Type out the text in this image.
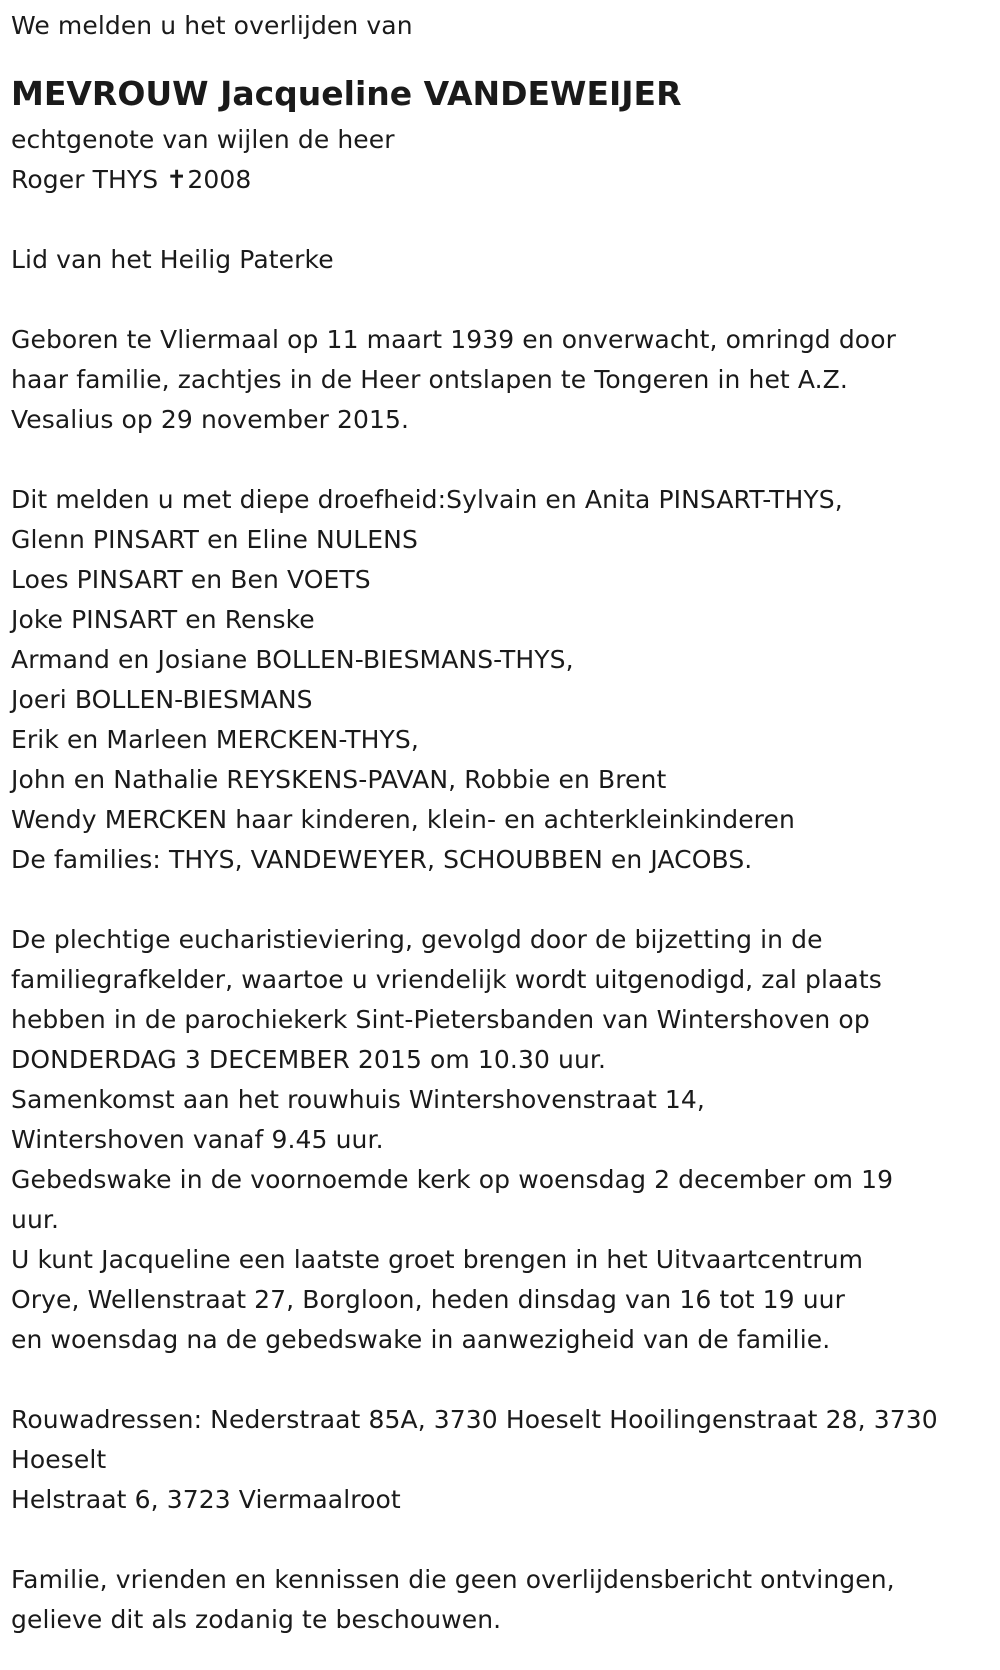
We melden u het overlijden van
MEVROUW Jacqueline VANDEWEIJER
echtgenote van wijlen de heer
Roger THYS ✝2008
Lid van het Heilig Paterke
Geboren te Vliermaal op 11 maart 1939 en onverwacht, omringd door
haar familie, zachtjes in de Heer ontslapen te Tongeren in het A.Z.
Vesalius op 29 november 2015.
Dit melden u met diepe droefheid:Sylvain en Anita PINSART-THYS,
Glenn PINSART en Eline NULENS
Loes PINSART en Ben VOETS
Joke PINSART en Renske
Armand en Josiane BOLLEN-BIESMANS-THYS,
Joeri BOLLEN-BIESMANS
Erik en Marleen MERCKEN-THYS,
John en Nathalie REYSKENS-PAVAN, Robbie en Brent
Wendy MERCKEN haar kinderen, klein- en achterkleinkinderen
De families: THYS, VANDEWEYER, SCHOUBBEN en JACOBS.
De plechtige eucharistieviering, gevolgd door de bijzetting in de
familiegrafkelder, waartoe u vriendelijk wordt uitgenodigd, zal plaats
hebben in de parochiekerk Sint-Pietersbanden van Wintershoven op
DONDERDAG 3 DECEMBER 2015 om 10.30 uur.
Samenkomst aan het rouwhuis Wintershovenstraat 14,
Wintershoven vanaf 9.45 uur.
Gebedswake in de voornoemde kerk op woensdag 2 december om 19
uur.
U kunt Jacqueline een laatste groet brengen in het Uitvaartcentrum
Orye, Wellenstraat 27, Borgloon, heden dinsdag van 16 tot 19 uur
en woensdag na de gebedswake in aanwezigheid van de familie.
Rouwadressen: Nederstraat 85A, 3730 Hoeselt Hooilingenstraat 28, 3730
Hoeselt
Helstraat 6, 3723 Viermaalroot
Familie, vrienden en kennissen die geen overlijdensbericht ontvingen,
gelieve dit als zodanig te beschouwen.
